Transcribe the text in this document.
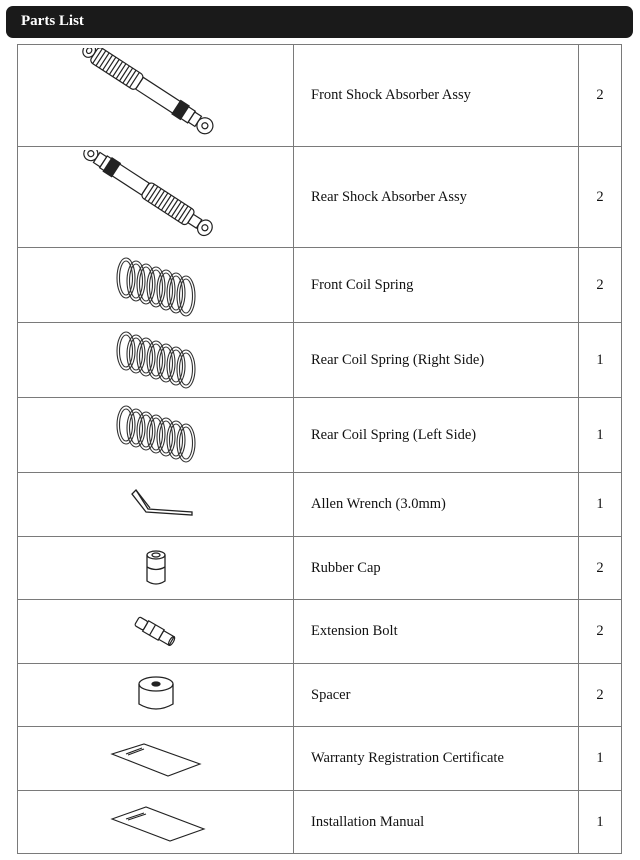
Parts List
	Front Shock Absorber Assy	2

	Rear Shock Absorber Assy	2

	Front Coil Spring	2

	Rear Coil Spring (Right Side)	1

	Rear Coil Spring (Left Side)	1

	Allen Wrench (3.0mm)	1

	Rubber Cap	2

	Extension Bolt	2

	Spacer	2

	Warranty Registration Certificate	1

	Installation Manual	1
